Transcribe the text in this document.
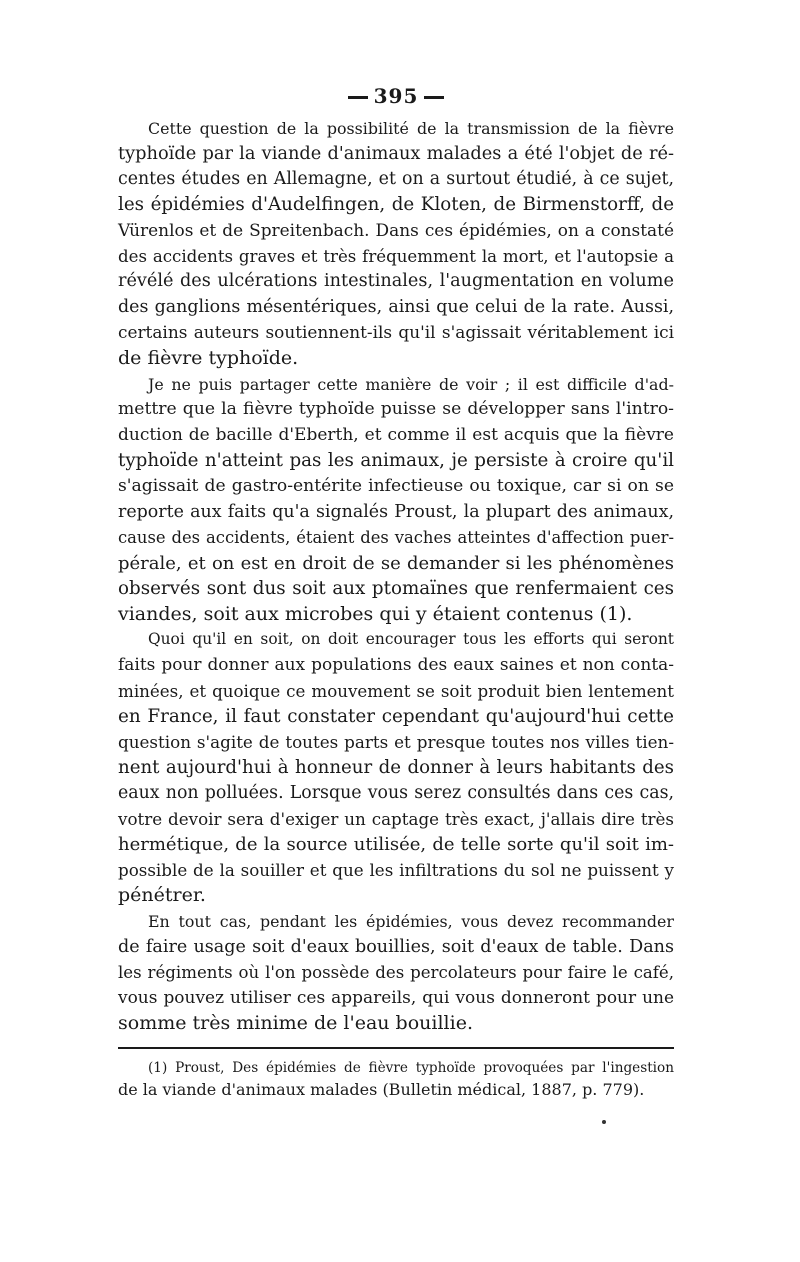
395
Cette question de la possibilité de la transmission de la fièvre
typhoïde par la viande d'animaux malades a été l'objet de ré-
centes études en Allemagne, et on a surtout étudié, à ce sujet,
les épidémies d'Audelfingen, de Kloten, de Birmenstorff, de
Vürenlos et de Spreitenbach. Dans ces épidémies, on a constaté
des accidents graves et très fréquemment la mort, et l'autopsie a
révélé des ulcérations intestinales, l'augmentation en volume
des ganglions mésentériques, ainsi que celui de la rate. Aussi,
certains auteurs soutiennent-ils qu'il s'agissait véritablement ici
de fièvre typhoïde.
Je ne puis partager cette manière de voir ; il est difficile d'ad-
mettre que la fièvre typhoïde puisse se développer sans l'intro-
duction de bacille d'Eberth, et comme il est acquis que la fièvre
typhoïde n'atteint pas les animaux, je persiste à croire qu'il
s'agissait de gastro-entérite infectieuse ou toxique, car si on se
reporte aux faits qu'a signalés Proust, la plupart des animaux,
cause des accidents, étaient des vaches atteintes d'affection puer-
pérale, et on est en droit de se demander si les phénomènes
observés sont dus soit aux ptomaïnes que renfermaient ces
viandes, soit aux microbes qui y étaient contenus (1).
Quoi qu'il en soit, on doit encourager tous les efforts qui seront
faits pour donner aux populations des eaux saines et non conta-
minées, et quoique ce mouvement se soit produit bien lentement
en France, il faut constater cependant qu'aujourd'hui cette
question s'agite de toutes parts et presque toutes nos villes tien-
nent aujourd'hui à honneur de donner à leurs habitants des
eaux non polluées. Lorsque vous serez consultés dans ces cas,
votre devoir sera d'exiger un captage très exact, j'allais dire très
hermétique, de la source utilisée, de telle sorte qu'il soit im-
possible de la souiller et que les infiltrations du sol ne puissent y
pénétrer.
En tout cas, pendant les épidémies, vous devez recommander
de faire usage soit d'eaux bouillies, soit d'eaux de table. Dans
les régiments où l'on possède des percolateurs pour faire le café,
vous pouvez utiliser ces appareils, qui vous donneront pour une
somme très minime de l'eau bouillie.
(1) Proust, Des épidémies de fièvre typhoïde provoquées par l'ingestion
de la viande d'animaux malades (Bulletin médical, 1887, p. 779).
